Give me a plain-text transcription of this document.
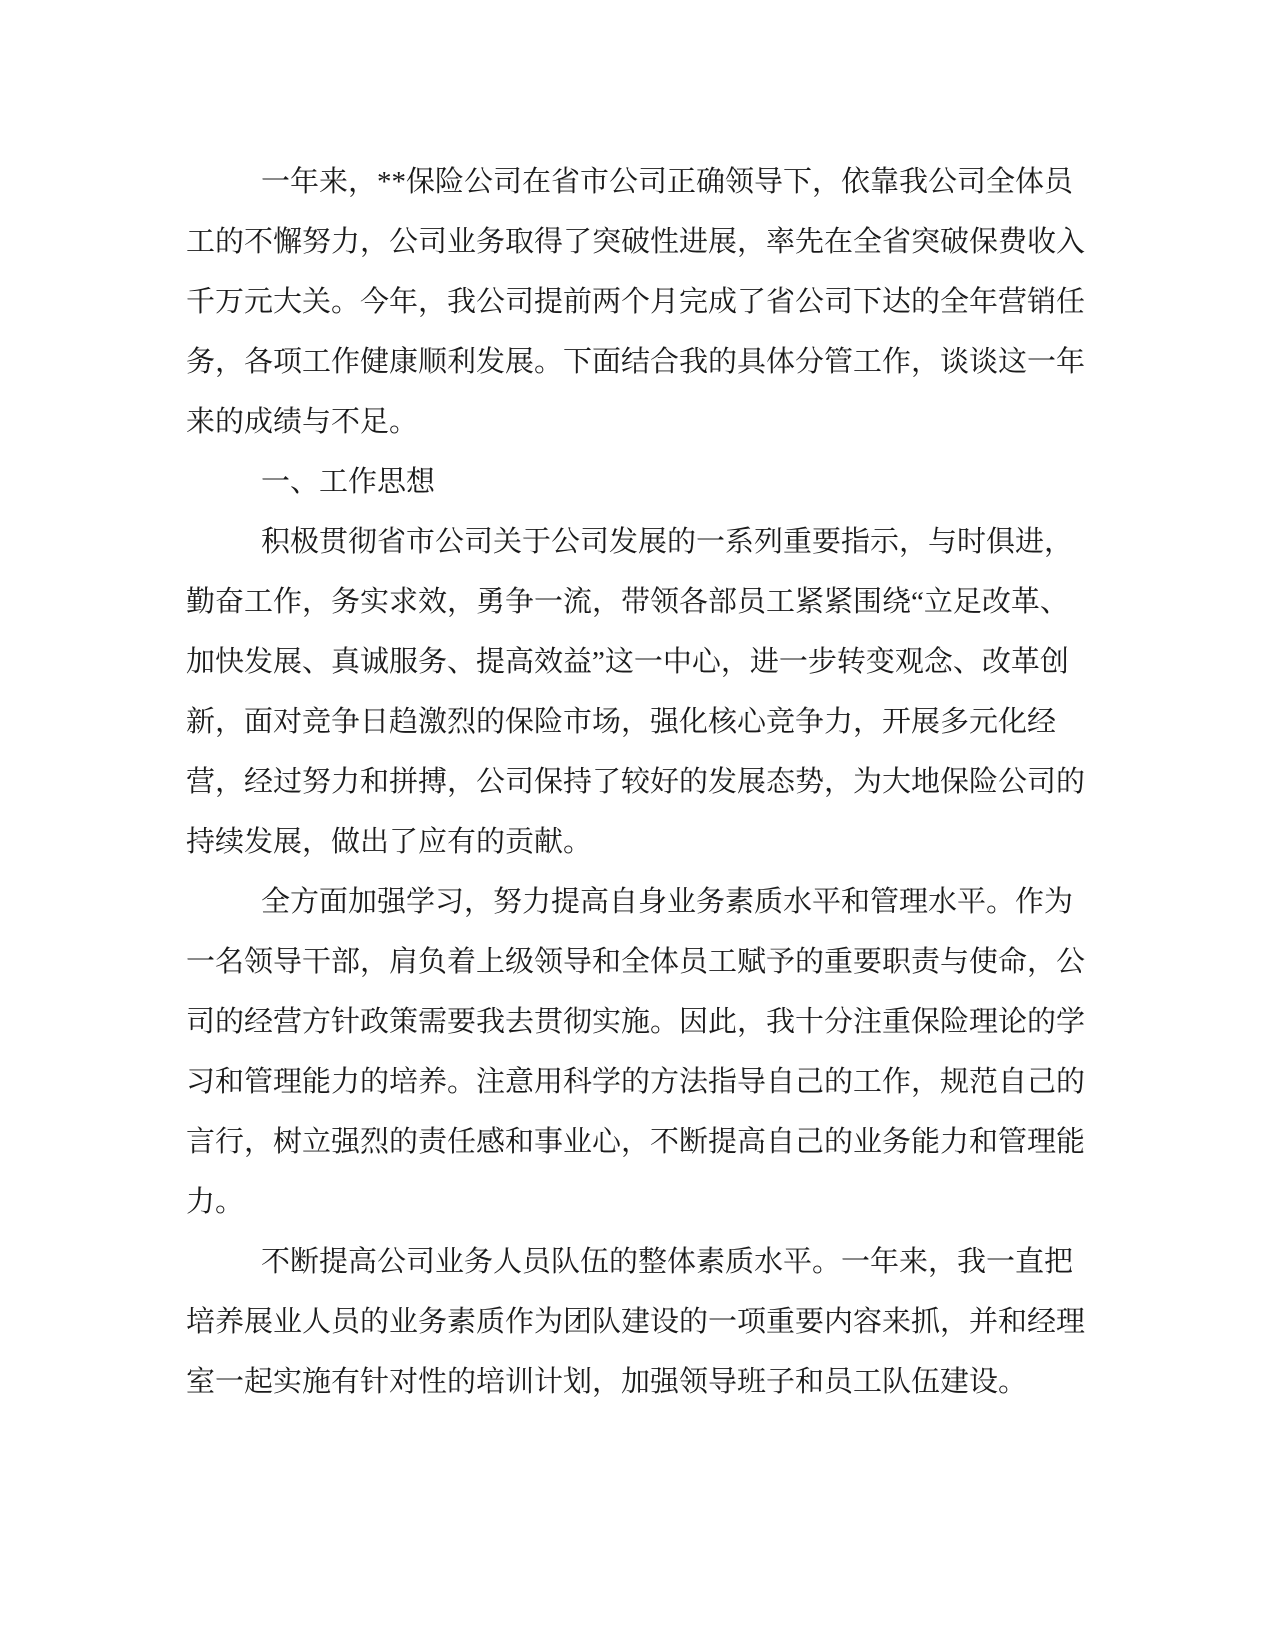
一年来，**保险公司在省市公司正确领导下，依靠我公司全体员工的不懈努力，公司业务取得了突破性进展，率先在全省突破保费收入千万元大关。今年，我公司提前两个月完成了省公司下达的全年营销任务，各项工作健康顺利发展。下面结合我的具体分管工作，谈谈这一年来的成绩与不足。

一、工作思想

积极贯彻省市公司关于公司发展的一系列重要指示，与时俱进，勤奋工作，务实求效，勇争一流，带领各部员工紧紧围绕“立足改革、加快发展、真诚服务、提高效益”这一中心，进一步转变观念、改革创新，面对竞争日趋激烈的保险市场，强化核心竞争力，开展多元化经营，经过努力和拼搏，公司保持了较好的发展态势，为大地保险公司的持续发展，做出了应有的贡献。

全方面加强学习，努力提高自身业务素质水平和管理水平。作为一名领导干部，肩负着上级领导和全体员工赋予的重要职责与使命，公司的经营方针政策需要我去贯彻实施。因此，我十分注重保险理论的学习和管理能力的培养。注意用科学的方法指导自己的工作，规范自己的言行，树立强烈的责任感和事业心，不断提高自己的业务能力和管理能力。

不断提高公司业务人员队伍的整体素质水平。一年来，我一直把培养展业人员的业务素质作为团队建设的一项重要内容来抓，并和经理室一起实施有针对性的培训计划，加强领导班子和员工队伍建设。
